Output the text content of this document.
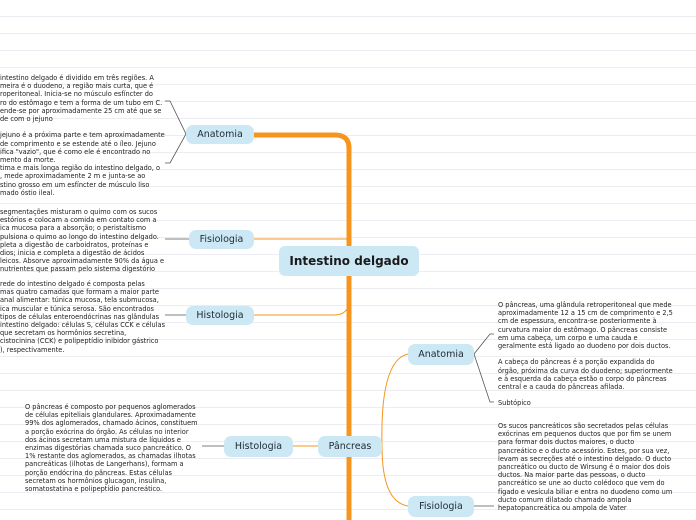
Intestino delgado
Anatomia
Fisiologia
Histologia
intestino delgado é dividido em três regiões. A
meira é o duodeno, a região mais curta, que é
roperitoneal. Inicia-se no músculo esfíncter do
ro do estômago e tem a forma de um tubo em C.
ende-se por aproximadamente 25 cm até que se
de com o jejuno

jejuno é a próxima parte e tem aproximadamente
de comprimento e se estende até o íleo. Jejuno
ifica "vazio", que é como ele é encontrado no
mento da morte.
tima e mais longa região do intestino delgado, o
, mede aproximadamente 2 m e junta-se ao
stino grosso em um esfíncter de músculo liso
mado óstio ileal.
segmentações misturam o quimo com os sucos
estórios e colocam a comida em contato com a
ica mucosa para a absorção; o peristaltismo
pulsiona o quimo ao longo do intestino delgado.
pleta a digestão de carboidratos, proteínas e
dios; inicia e completa a digestão de ácidos
leicos. Absorve aproximadamente 90% da água e
nutrientes que passam pelo sistema digestório
rede do intestino delgado é composta pelas
mas quatro camadas que formam a maior parte
anal alimentar: túnica mucosa, tela submucosa,
ica muscular e túnica serosa. São encontrados
tipos de células enteroendócrinas nas glândulas
intestino delgado: células S, células CCK e células
que secretam os hormônios secretina,
cistocinina (CCK) e polipeptídio inibidor gástrico
), respectivamente.
Pâncreas
Histologia
Anatomia
Fisiologia
O pâncreas é composto por pequenos aglomerados
de células epiteliais glandulares. Aproximadamente
99% dos aglomerados, chamado ácinos, constituem
a porção exócrina do órgão. As células no interior
dos ácinos secretam uma mistura de líquidos e
enzimas digestórias chamada suco pancreático. O
1% restante dos aglomerados, as chamadas ilhotas
pancreáticas (ilhotas de Langerhans), formam a
porção endócrina do pâncreas. Estas células
secretam os hormônios glucagon, insulina,
somatostatina e polipeptídio pancreático.
O pâncreas, uma glândula retroperitoneal que mede
aproximadamente 12 a 15 cm de comprimento e 2,5
cm de espessura, encontra-se posteriormente à
curvatura maior do estômago. O pâncreas consiste
em uma cabeça, um corpo e uma cauda e
geralmente está ligado ao duodeno por dois ductos.

A cabeça do pâncreas é a porção expandida do
órgão, próxima da curva do duodeno; superiormente
e à esquerda da cabeça estão o corpo do pâncreas
central e a cauda do pâncreas afilada.
Subtópico
Os sucos pancreáticos são secretados pelas células
exócrinas em pequenos ductos que por fim se unem
para formar dois ductos maiores, o ducto
pancreático e o ducto acessório. Estes, por sua vez,
levam as secreções até o intestino delgado. O ducto
pancreático ou ducto de Wirsung é o maior dos dois
ductos. Na maior parte das pessoas, o ducto
pancreático se une ao ducto colédoco que vem do
fígado e vesícula biliar e entra no duodeno como um
ducto comum dilatado chamado ampola
hepatopancreática ou ampola de Vater
